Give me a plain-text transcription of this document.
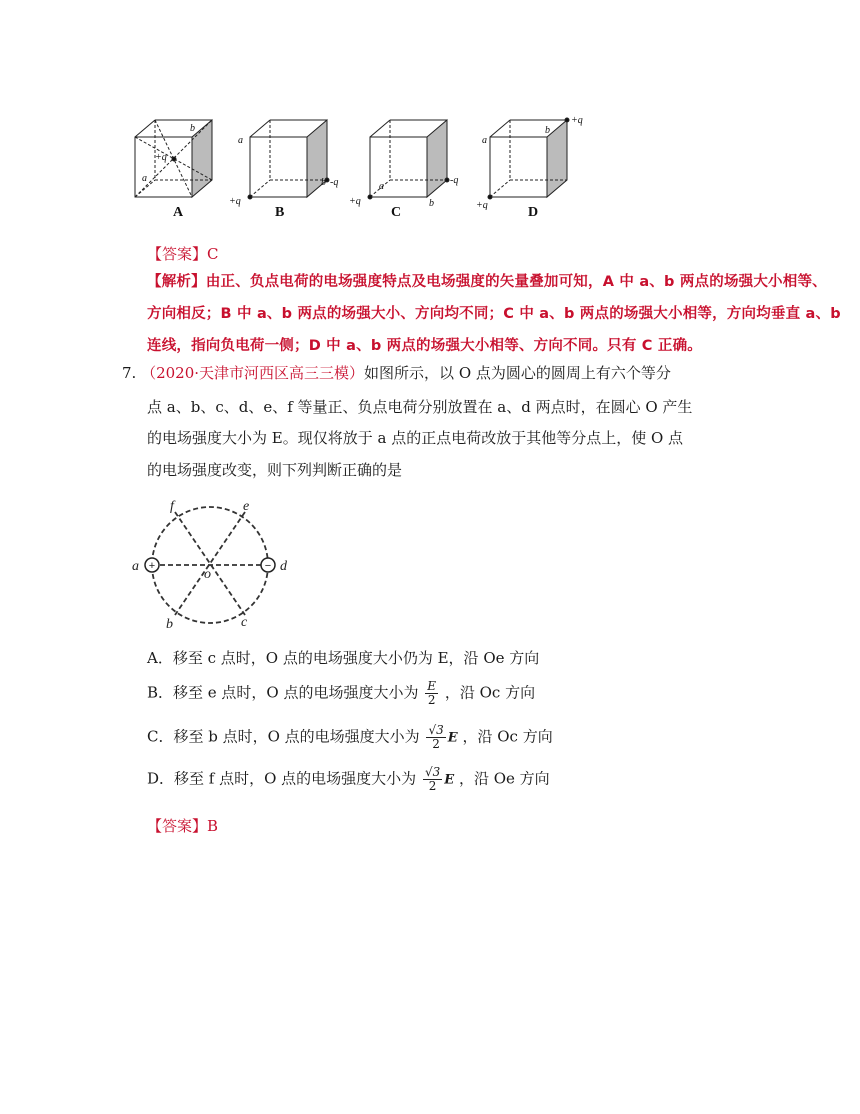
b
+q
a
a
b
+q
-q	a
b
+q
-q
a
b
+q
+q
A	B	C	D
【答案】C
【解析】由正、负点电荷的电场强度特点及电场强度的矢量叠加可知，A 中 a、b 两点的场强大小相等、
方向相反；B 中 a、b 两点的场强大小、方向均不同；C 中 a、b 两点的场强大小相等，方向均垂直 a、b
连线，指向负电荷一侧；D 中 a、b 两点的场强大小相等、方向不同。只有 C 正确。
7. （2020·天津市河西区高三三模）如图所示，以 O 点为圆心的圆周上有六个等分
点 a、b、c、d、e、f 等量正、负点电荷分别放置在 a、d 两点时，在圆心 O 产生
的电场强度大小为 E。现仅将放于 a 点的正点电荷改放于其他等分点上，使 O 点
的电场强度改变，则下列判断正确的是
+	−
a	d
f	e
b	c
o
A．移至 c 点时，O 点的电场强度大小仍为 E，沿 Oe 方向
B．移至 e 点时，O 点的电场强度大小为 $\frac{E}{2}$ ，沿 Oc 方向
C．移至 b 点时，O 点的电场强度大小为 $\frac{√3}{2}$ E ，沿 Oc 方向
D．移至 f 点时，O 点的电场强度大小为 $\frac{√3}{2}$ E ，沿 Oe 方向
【答案】B
